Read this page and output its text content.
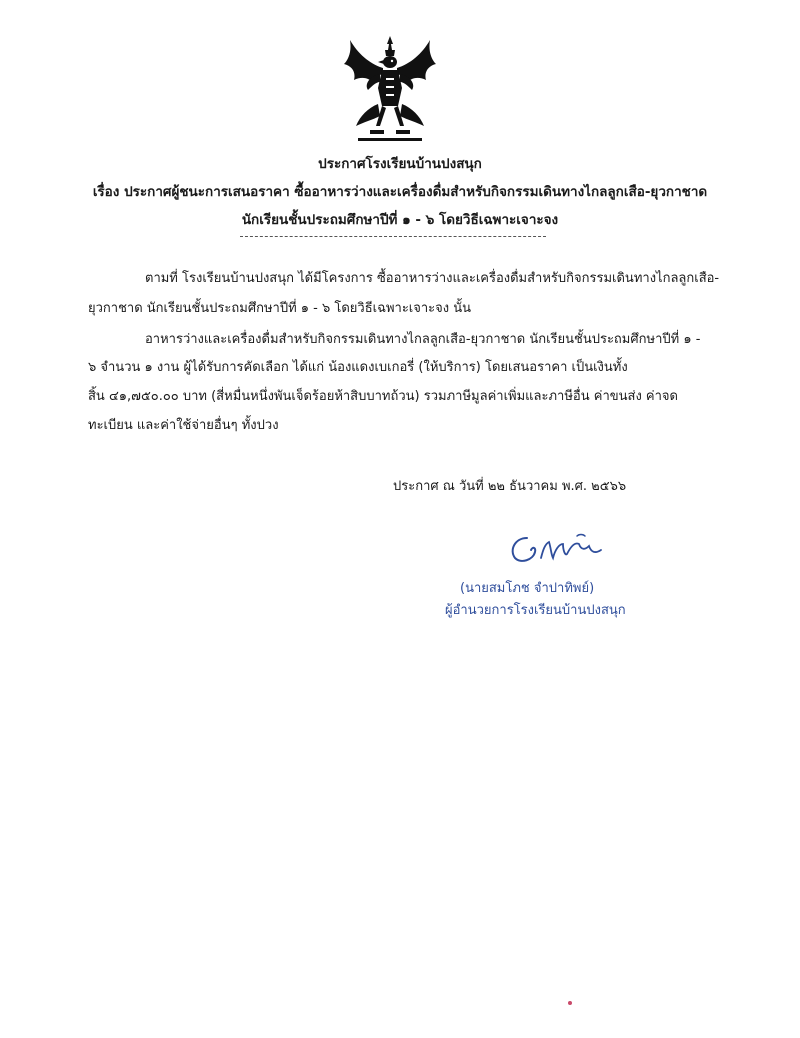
ประกาศโรงเรียนบ้านปงสนุก
เรื่อง ประกาศผู้ชนะการเสนอราคา ซื้ออาหารว่างและเครื่องดื่มสำหรับกิจกรรมเดินทางไกลลูกเสือ-ยุวกาชาด
นักเรียนชั้นประถมศึกษาปีที่ ๑ - ๖ โดยวิธีเฉพาะเจาะจง
ตามที่ โรงเรียนบ้านปงสนุก ได้มีโครงการ ซื้ออาหารว่างและเครื่องดื่มสำหรับกิจกรรมเดินทางไกลลูกเสือ-
ยุวกาชาด นักเรียนชั้นประถมศึกษาปีที่ ๑ - ๖ โดยวิธีเฉพาะเจาะจง นั้น
อาหารว่างและเครื่องดื่มสำหรับกิจกรรมเดินทางไกลลูกเสือ-ยุวกาชาด นักเรียนชั้นประถมศึกษาปีที่ ๑ -
๖ จำนวน ๑ งาน ผู้ได้รับการคัดเลือก ได้แก่ น้องแดงเบเกอรี่ (ให้บริการ) โดยเสนอราคา เป็นเงินทั้ง
สิ้น ๔๑,๗๕๐.๐๐ บาท (สี่หมื่นหนึ่งพันเจ็ดร้อยห้าสิบบาทถ้วน) รวมภาษีมูลค่าเพิ่มและภาษีอื่น ค่าขนส่ง ค่าจด
ทะเบียน และค่าใช้จ่ายอื่นๆ ทั้งปวง
ประกาศ ณ วันที่ ๒๒ ธันวาคม พ.ศ. ๒๕๖๖
(นายสมโภช จำปาทิพย์)
ผู้อำนวยการโรงเรียนบ้านปงสนุก
